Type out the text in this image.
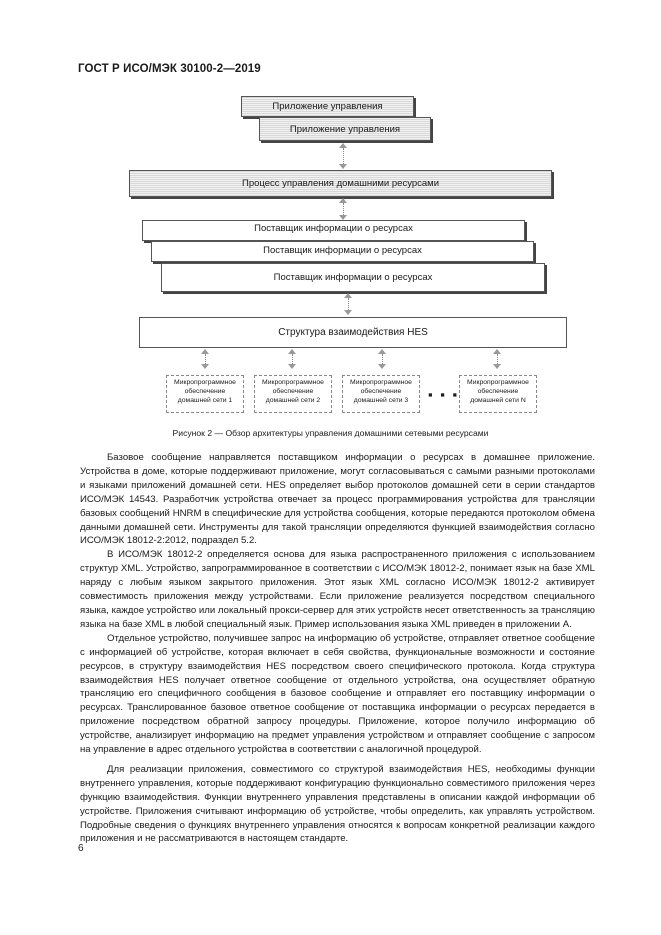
ГОСТ Р ИСО/МЭК 30100-2—2019
Приложение управления
Приложение управления
Процесс управления домашними ресурсами
Поставщик информации о ресурсах
Поставщик информации о ресурсах
Поставщик информации о ресурсах
Структура взаимодействия HES
Микропрограммное
обеспечение
домашней сети 1
Микропрограммное
обеспечение
домашней сети 2
Микропрограммное
обеспечение
домашней сети 3	▪ ▪ ▪
Микропрограммное
обеспечение
домашней сети N
Рисунок 2 — Обзор архитектуры управления домашними сетевыми ресурсами

Базовое сообщение направляется поставщиком информации о ресурсах в домашнее приложение. Устройства в доме, которые поддерживают приложение, могут согласовываться с самыми разными протоколами и языками приложений домашней сети. HES определяет выбор протоколов домашней сети в серии стандартов ИСО/МЭК 14543. Разработчик устройства отвечает за процесс программирования устройства для трансляции базовых сообщений HNRM в специфические для устройства сообщения, которые передаются протоколом обмена данными домашней сети. Инструменты для такой трансляции определяются функцией взаимодействия согласно ИСО/МЭК 18012-2:2012, подраздел 5.2.

В ИСО/МЭК 18012-2 определяется основа для языка распространенного приложения с использованием структур XML. Устройство, запрограммированное в соответствии с ИСО/МЭК 18012-2, понимает язык на базе XML наряду с любым языком закрытого приложения. Этот язык XML согласно ИСО/МЭК 18012-2 активирует совместимость приложения между устройствами. Если приложение реализуется посредством специального языка, каждое устройство или локальный прокси-сервер для этих устройств несет ответственность за трансляцию языка на базе XML в любой специальный язык. Пример использования языка XML приведен в приложении А.

Отдельное устройство, получившее запрос на информацию об устройстве, отправляет ответное сообщение с информацией об устройстве, которая включает в себя свойства, функциональные возможности и состояние ресурсов, в структуру взаимодействия HES посредством своего специфического протокола. Когда структура взаимодействия HES получает ответное сообщение от отдельного устройства, она осуществляет обратную трансляцию его специфичного сообщения в базовое сообщение и отправляет его поставщику информации о ресурсах. Транслированное базовое ответное сообщение от поставщика информации о ресурсах передается в приложение посредством обратной запросу процедуры. Приложение, которое получило информацию об устройстве, анализирует информацию на предмет управления устройством и отправляет сообщение с запросом на управление в адрес отдельного устройства в соответствии с аналогичной процедурой.

Для реализации приложения, совместимого со структурой взаимодействия HES, необходимы функции внутреннего управления, которые поддерживают конфигурацию функционально совместимого приложения через функцию взаимодействия. Функции внутреннего управления представлены в описании каждой информации об устройстве. Приложения считывают информацию об устройстве, чтобы определить, как управлять устройством. Подробные сведения о функциях внутреннего управления относятся к вопросам конкретной реализации каждого приложения и не рассматриваются в настоящем стандарте.

6
